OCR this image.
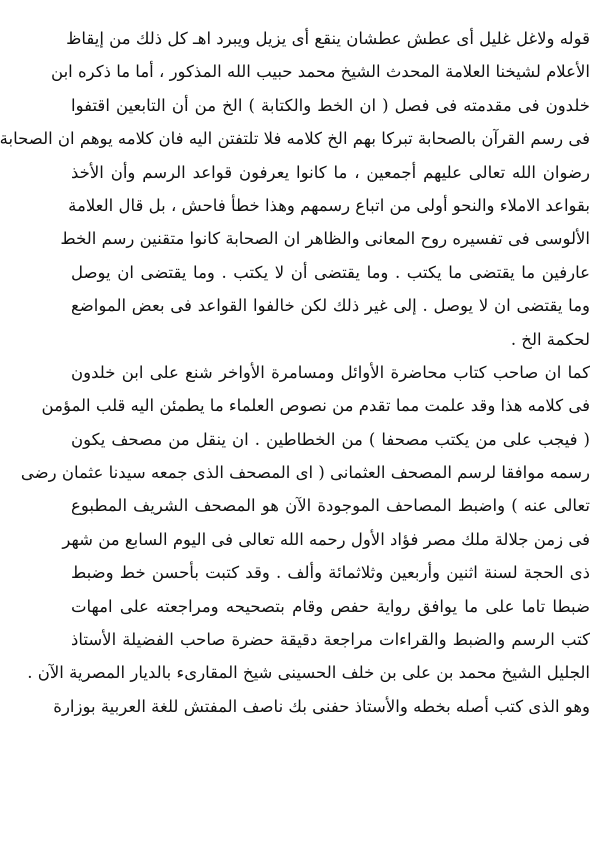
قوله ولاغل غليل أى عطش عطشان ينقع أى يزيل ويبرد اهـ كل ذلك من إيقاظ
الأعلام لشيخنا العلامة المحدث الشيخ محمد حبيب الله المذكور ، أما ما ذكره ابن
خلدون فى مقدمته فى فصل ( ان الخط والكتابة ) الخ من أن التابعين اقتفوا
فى رسم القرآن بالصحابة تبركا بهم الخ كلامه فلا تلتفتن اليه فان كلامه يوهم ان الصحابة
رضوان الله تعالى عليهم أجمعين ، ما كانوا يعرفون قواعد الرسم وأن الأخذ
بقواعد الاملاء والنحو أولى من اتباع رسمهم وهذا خطأ فاحش ، بل قال العلامة
الألوسى فى تفسيره روح المعانى والظاهر ان الصحابة كانوا متقنين رسم الخط
عارفين ما يقتضى ما يكتب . وما يقتضى أن لا يكتب . وما يقتضى ان يوصل
وما يقتضى ان لا يوصل . إلى غير ذلك لكن خالفوا القواعد فى بعض المواضع
لحكمة الخ .
كما ان صاحب كتاب محاضرة الأوائل ومسامرة الأواخر شنع على ابن خلدون
فى كلامه هذا وقد علمت مما تقدم من نصوص العلماء ما يطمئن اليه قلب المؤمن
( فيجب على من يكتب مصحفا ) من الخطاطين . ان ينقل من مصحف يكون
رسمه موافقا لرسم المصحف العثمانى ( اى المصحف الذى جمعه سيدنا عثمان رضى
تعالى عنه ) واضبط المصاحف الموجودة الآن هو المصحف الشريف المطبوع
فى زمن جلالة ملك مصر فؤاد الأول رحمه الله تعالى فى اليوم السابع من شهر
ذى الحجة لسنة اثنين وأربعين وثلاثمائة وألف . وقد كتبت بأحسن خط وضبط
ضبطا تاما على ما يوافق رواية حفص وقام بتصحيحه ومراجعته على امهات
كتب الرسم والضبط والقراءات مراجعة دقيقة حضرة صاحب الفضيلة الأستاذ
الجليل الشيخ محمد بن على بن خلف الحسينى شيخ المقارىء بالديار المصرية الآن .
وهو الذى كتب أصله بخطه والأستاذ حفنى بك ناصف المفتش للغة العربية بوزارة
